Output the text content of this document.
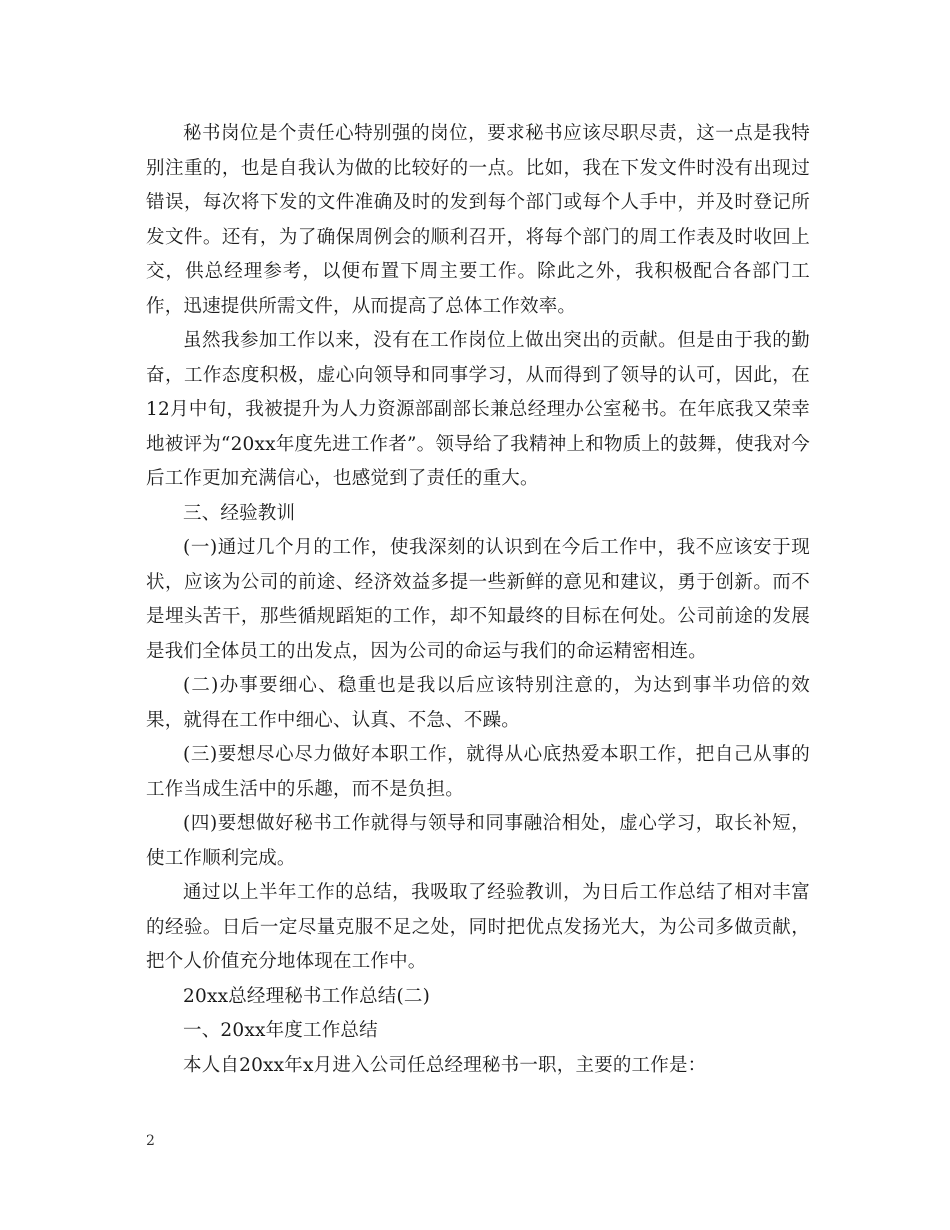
秘书岗位是个责任心特别强的岗位，要求秘书应该尽职尽责，这一点是我特别注重的，也是自我认为做的比较好的一点。比如，我在下发文件时没有出现过错误，每次将下发的文件准确及时的发到每个部门或每个人手中，并及时登记所发文件。还有，为了确保周例会的顺利召开，将每个部门的周工作表及时收回上交，供总经理参考，以便布置下周主要工作。除此之外，我积极配合各部门工作，迅速提供所需文件，从而提高了总体工作效率。

虽然我参加工作以来，没有在工作岗位上做出突出的贡献。但是由于我的勤奋，工作态度积极，虚心向领导和同事学习，从而得到了领导的认可，因此，在12月中旬，我被提升为人力资源部副部长兼总经理办公室秘书。在年底我又荣幸地被评为“20xx年度先进工作者”。领导给了我精神上和物质上的鼓舞，使我对今后工作更加充满信心，也感觉到了责任的重大。

三、经验教训

(一)通过几个月的工作，使我深刻的认识到在今后工作中，我不应该安于现状，应该为公司的前途、经济效益多提一些新鲜的意见和建议，勇于创新。而不是埋头苦干，那些循规蹈矩的工作，却不知最终的目标在何处。公司前途的发展是我们全体员工的出发点，因为公司的命运与我们的命运精密相连。

(二)办事要细心、稳重也是我以后应该特别注意的，为达到事半功倍的效果，就得在工作中细心、认真、不急、不躁。

(三)要想尽心尽力做好本职工作，就得从心底热爱本职工作，把自己从事的工作当成生活中的乐趣，而不是负担。

(四)要想做好秘书工作就得与领导和同事融洽相处，虚心学习，取长补短，使工作顺利完成。

通过以上半年工作的总结，我吸取了经验教训，为日后工作总结了相对丰富的经验。日后一定尽量克服不足之处，同时把优点发扬光大，为公司多做贡献，把个人价值充分地体现在工作中。

20xx总经理秘书工作总结(二)

一、20xx年度工作总结

本人自20xx年x月进入公司任总经理秘书一职，主要的工作是：

2
